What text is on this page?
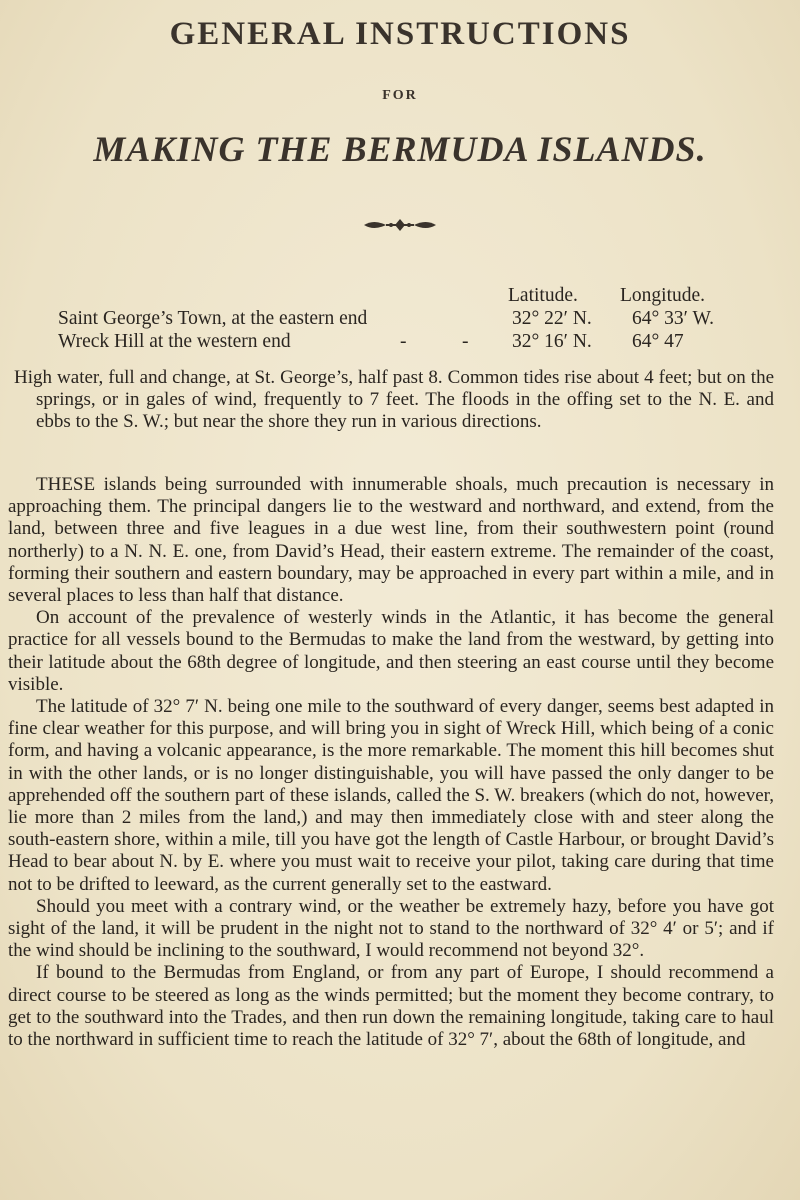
GENERAL INSTRUCTIONS
FOR
MAKING THE BERMUDA ISLANDS.
Latitude. Longitude.
Saint George’s Town, at the eastern end	32° 22′ N. 64° 33′ W.
Wreck Hill at the western end	-	- 32° 16′ N. 64° 47

High water, full and change, at St. George’s, half past 8. Common tides rise about 4 feet; but on the springs, or in gales of wind, frequently to 7 feet. The floods in the offing set to the N. E. and ebbs to the S. W.; but near the shore they run in various directions.

THESE islands being surrounded with innumerable shoals, much precaution is necessary in approaching them. The principal dangers lie to the westward and northward, and extend, from the land, between three and five leagues in a due west line, from their southwestern point (round northerly) to a N. N. E. one, from David’s Head, their eastern extreme. The remainder of the coast, forming their southern and eastern boundary, may be approached in every part within a mile, and in several places to less than half that distance.

On account of the prevalence of westerly winds in the Atlantic, it has become the general practice for all vessels bound to the Bermudas to make the land from the westward, by getting into their latitude about the 68th degree of longitude, and then steering an east course until they become visible.

The latitude of 32° 7′ N. being one mile to the southward of every danger, seems best adapted in fine clear weather for this purpose, and will bring you in sight of Wreck Hill, which being of a conic form, and having a volcanic appearance, is the more remarkable. The moment this hill becomes shut in with the other lands, or is no longer distinguishable, you will have passed the only danger to be apprehended off the southern part of these islands, called the S. W. breakers (which do not, however, lie more than 2 miles from the land,) and may then immediately close with and steer along the south-eastern shore, within a mile, till you have got the length of Castle Harbour, or brought David’s Head to bear about N. by E. where you must wait to receive your pilot, taking care during that time not to be drifted to leeward, as the current generally set to the eastward.

Should you meet with a contrary wind, or the weather be extremely hazy, before you have got sight of the land, it will be prudent in the night not to stand to the northward of 32° 4′ or 5′; and if the wind should be inclining to the southward, I would recommend not beyond 32°.

If bound to the Bermudas from England, or from any part of Europe, I should recommend a direct course to be steered as long as the winds permitted; but the moment they become contrary, to get to the southward into the Trades, and then run down the remaining longitude, taking care to haul to the northward in sufficient time to reach the latitude of 32° 7′, about the 68th of longitude, and
